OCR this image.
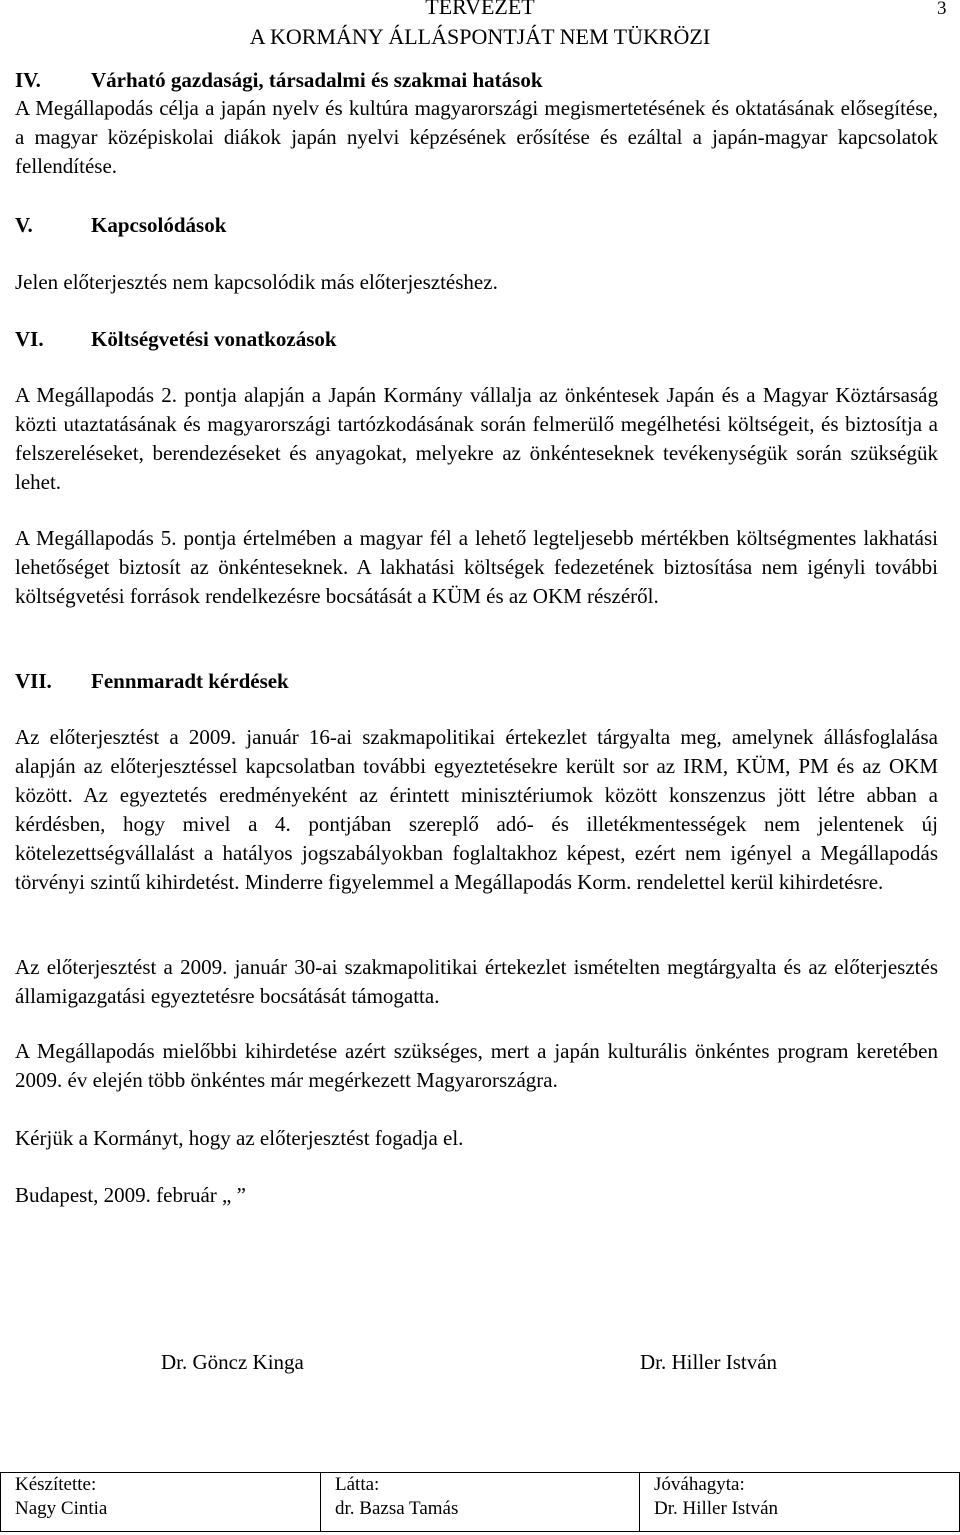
TERVEZET
A KORMÁNY ÁLLÁSPONTJÁT NEM TÜKRÖZI
3
IV. Várható gazdasági, társadalmi és szakmai hatások

A Megállapodás célja a japán nyelv és kultúra magyarországi megismertetésének és oktatásának elősegítése, a magyar középiskolai diákok japán nyelvi képzésének erősítése és ezáltal a japán-magyar kapcsolatok fellendítése.

V.	Kapcsolódások
Jelen előterjesztés nem kapcsolódik más előterjesztéshez.
VI. Költségvetési vonatkozások

A Megállapodás 2. pontja alapján a Japán Kormány vállalja az önkéntesek Japán és a Magyar Köztársaság közti utaztatásának és magyarországi tartózkodásának során felmerülő megélhetési költségeit, és biztosítja a felszereléseket, berendezéseket és anyagokat, melyekre az önkénteseknek tevékenységük során szükségük lehet.

A Megállapodás 5. pontja értelmében a magyar fél a lehető legteljesebb mértékben költségmentes lakhatási lehetőséget biztosít az önkénteseknek. A lakhatási költségek fedezetének biztosítása nem igényli további költségvetési források rendelkezésre bocsátását a KÜM és az OKM részéről.

VII. Fennmaradt kérdések

Az előterjesztést a 2009. január 16-ai szakmapolitikai értekezlet tárgyalta meg, amelynek állásfoglalása alapján az előterjesztéssel kapcsolatban további egyeztetésekre került sor az IRM, KÜM, PM és az OKM között. Az egyeztetés eredményeként az érintett minisztériumok között konszenzus jött létre abban a kérdésben, hogy mivel a 4. pontjában szereplő adó- és illetékmentességek nem jelentenek új kötelezettségvállalást a hatályos jogszabályokban foglaltakhoz képest, ezért nem igényel a Megállapodás törvényi szintű kihirdetést. Minderre figyelemmel a Megállapodás Korm. rendelettel kerül kihirdetésre.

Az előterjesztést a 2009. január 30-ai szakmapolitikai értekezlet ismételten megtárgyalta és az előterjesztés államigazgatási egyeztetésre bocsátását támogatta.

A Megállapodás mielőbbi kihirdetése azért szükséges, mert a japán kulturális önkéntes program keretében 2009. év elején több önkéntes már megérkezett Magyarországra.

Kérjük a Kormányt, hogy az előterjesztést fogadja el.
Budapest, 2009. február „ ”
Dr. Göncz Kinga	Dr. Hiller István
Készítette:
Nagy Cintia

Látta:
dr. Bazsa Tamás

Jóváhagyta:
Dr. Hiller István
